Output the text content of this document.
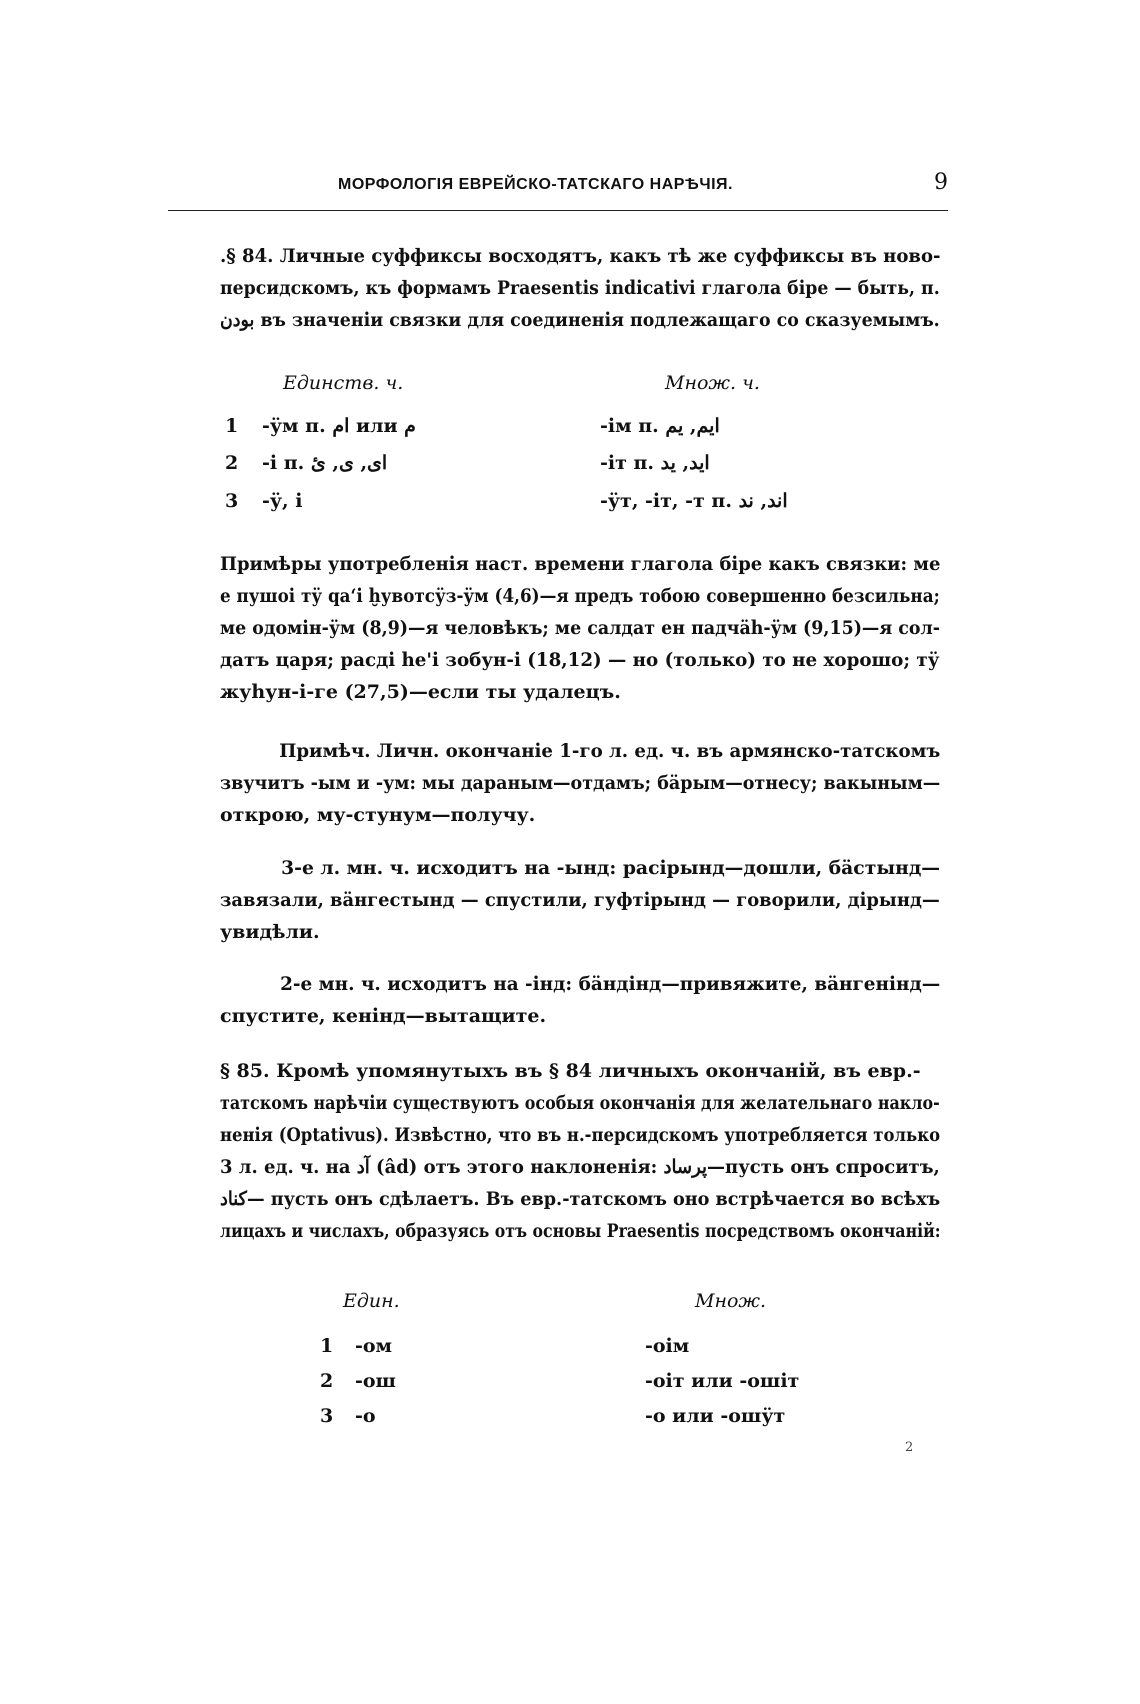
МОРФОЛОГІЯ ЕВРЕЙСКО-ТАТСКАГО НАРѢЧІЯ.	9
.§ 84. Личные суффиксы восходятъ, какъ тѣ же суффиксы въ ново-
персидскомъ, къ формамъ Praesentis indicativi глагола біре — быть, п.
بودن въ значеніи связки для соединенія подлежащаго со сказуемымъ.
Единств. ч.	Множ. ч.
1 -ӱм п. ام или م	-ім п. ایم, یم
2 -і п. ای, ی, ئ	-іт п. اید, ید
3 -ӱ, і	-ӱт, -іт, -т п. اند, ند
Примѣры употребленія наст. времени глагола біре какъ связки: ме
е пушоі тӱ qаʻі ḫувотсӱз-ӱм (4,6)—я предъ тобою совершенно безсильна;
ме одомін-ӱм (8,9)—я человѣкъ; ме салдат ен падчäh-ӱм (9,15)—я сол-
датъ царя; расді he'і зобун-і (18,12) — но (только) то не хорошо; тӱ
жуhун-і-ге (27,5)—если ты удалецъ.
Примѣч. Личн. окончаніе 1-го л. ед. ч. въ армянско-татскомъ
звучитъ -ым и -ум: мы дараным—отдамъ; бäрым—отнесу; вакыным—
открою, му-стунум—получу.
3-е л. мн. ч. исходитъ на -ынд: расірынд—дошли, бäстынд—
завязали, вäнгестынд — спустили, гуфтірынд — говорили, дірынд—
увидѣли.
2-е мн. ч. исходитъ на -інд: бäндінд—привяжите, вäнгенінд—
спустите, кенінд—вытащите.
§ 85. Кромѣ упомянутыхъ въ § 84 личныхъ окончаній, въ евр.-
татскомъ нарѣчіи существуютъ особыя окончанія для желательнаго накло-
ненія (Optativus). Извѣстно, что въ н.-персидскомъ употребляется только
3 л. ед. ч. на آد (âd) отъ этого наклоненія: پرساد—пусть онъ спроситъ,
کناد— пусть онъ сдѣлаетъ. Въ евр.-татскомъ оно встрѣчается во всѣхъ
лицахъ и числахъ, образуясь отъ основы Praesentis посредствомъ окончаній:
Един.	Множ.
1 -ом	-оім
2 -ош	-оіт или -ошіт
3 -о	-о или -ошӱт
2
